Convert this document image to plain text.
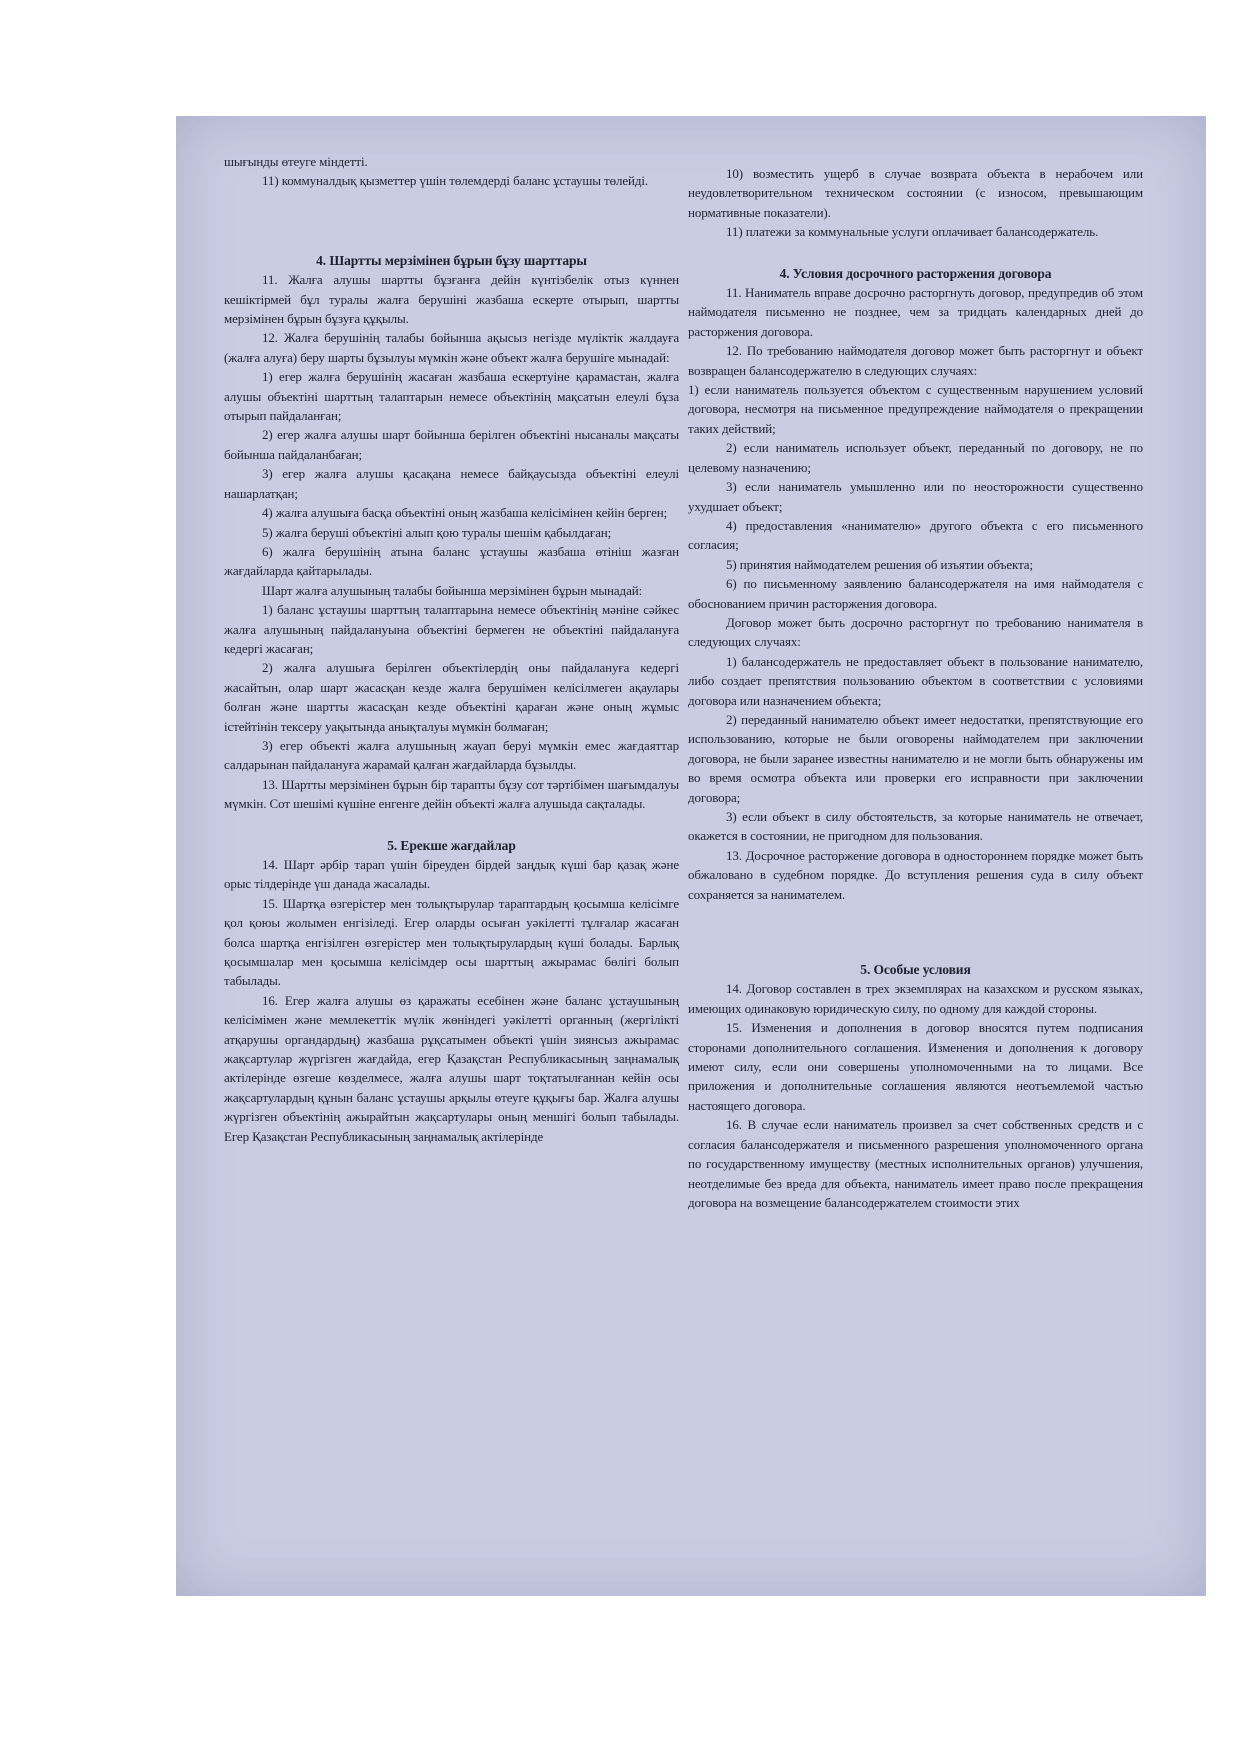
шығынды өтеуге міндетті.

11) коммуналдық қызметтер үшін төлемдерді баланс ұстаушы төлейді.

4. Шартты мерзімінен бұрын бұзу шарттары

11. Жалға алушы шартты бұзғанға дейін күнтізбелік отыз күннен кешіктірмей бұл туралы жалға берушіні жазбаша ескерте отырып, шартты мерзімінен бұрын бұзуға құқылы.

12. Жалға берушінің талабы бойынша ақысыз негізде мүліктік жалдауға (жалға алуға) беру шарты бұзылуы мүмкін және объект жалға берушіге мынадай:

1) егер жалға берушінің жасаған жазбаша ескертуіне қарамастан, жалға алушы объектіні шарттың талаптарын немесе объектінің мақсатын елеулі бұза отырып пайдаланған;

2) егер жалға алушы шарт бойынша берілген объектіні нысаналы мақсаты бойынша пайдаланбаған;

3) егер жалға алушы қасақана немесе байқаусызда объектіні елеулі нашарлатқан;

4) жалға алушыға басқа объектіні оның жазбаша келісімінен кейін берген;

5) жалға беруші объектіні алып қою туралы шешім қабылдаған;

6) жалға берушінің атына баланс ұстаушы жазбаша өтініш жазған жағдайларда қайтарылады.

Шарт жалға алушының талабы бойынша мерзімінен бұрын мынадай:

1) баланс ұстаушы шарттың талаптарына немесе объектінің мәніне сәйкес жалға алушының пайдалануына объектіні бермеген не объектіні пайдалануға кедергі жасаған;

2) жалға алушыға берілген объектілердің оны пайдалануға кедергі жасайтын, олар шарт жасасқан кезде жалға берушімен келісілмеген ақаулары болған және шартты жасасқан кезде объектіні қараған және оның жұмыс істейтінін тексеру уақытында анықталуы мүмкін болмаған;

3) егер объекті жалға алушының жауап беруі мүмкін емес жағдаяттар салдарынан пайдалануға жарамай қалған жағдайларда бұзылды.

13. Шартты мерзімінен бұрын бір тарапты бұзу сот тәртібімен шағымдалуы мүмкін. Сот шешімі күшіне енгенге дейін объекті жалға алушыда сақталады.

5. Ерекше жағдайлар

14. Шарт әрбір тарап үшін біреуден бірдей заңдық күші бар қазақ және орыс тілдерінде үш данада жасалады.

15. Шартқа өзгерістер мен толықтырулар тараптардың қосымша келісімге қол қоюы жолымен енгізіледі. Егер оларды осыған уәкілетті тұлғалар жасаған болса шартқа енгізілген өзгерістер мен толықтырулардың күші болады. Барлық қосымшалар мен қосымша келісімдер осы шарттың ажырамас бөлігі болып табылады.

16. Егер жалға алушы өз қаражаты есебінен және баланс ұстаушының келісімімен және мемлекеттік мүлік жөніндегі уәкілетті органның (жергілікті атқарушы органдардың) жазбаша рұқсатымен объекті үшін зиянсыз ажырамас жақсартулар жүргізген жағдайда, егер Қазақстан Республикасының заңнамалық актілерінде өзгеше көзделмесе, жалға алушы шарт тоқтатылғаннан кейін осы жақсартулардың құнын баланс ұстаушы арқылы өтеуге құқығы бар. Жалға алушы жүргізген объектінің ажырайтын жақсартулары оның меншігі болып табылады. Егер Қазақстан Республикасының заңнамалық актілерінде

10) возместить ущерб в случае возврата объекта в нерабочем или неудовлетворительном техническом состоянии (с износом, превышающим нормативные показатели).

11) платежи за коммунальные услуги оплачивает балансодержатель.

4. Условия досрочного расторжения договора

11. Наниматель вправе досрочно расторгнуть договор, предупредив об этом наймодателя письменно не позднее, чем за тридцать календарных дней до расторжения договора.

12. По требованию наймодателя договор может быть расторгнут и объект возвращен балансодержателю в следующих случаях:

1) если наниматель пользуется объектом с существенным нарушением условий договора, несмотря на письменное предупреждение наймодателя о прекращении таких действий;

2) если наниматель использует объект, переданный по договору, не по целевому назначению;

3) если наниматель умышленно или по неосторожности существенно ухудшает объект;

4) предоставления «нанимателю» другого объекта с его письменного согласия;

5) принятия наймодателем решения об изъятии объекта;

6) по письменному заявлению балансодержателя на имя наймодателя с обоснованием причин расторжения договора.

Договор может быть досрочно расторгнут по требованию нанимателя в следующих случаях:

1) балансодержатель не предоставляет объект в пользование нанимателю, либо создает препятствия пользованию объектом в соответствии с условиями договора или назначением объекта;

2) переданный нанимателю объект имеет недостатки, препятствующие его использованию, которые не были оговорены наймодателем при заключении договора, не были заранее известны нанимателю и не могли быть обнаружены им во время осмотра объекта или проверки его исправности при заключении договора;

3) если объект в силу обстоятельств, за которые наниматель не отвечает, окажется в состоянии, не пригодном для пользования.

13. Досрочное расторжение договора в одностороннем порядке может быть обжаловано в судебном порядке. До вступления решения суда в силу объект сохраняется за нанимателем.

5. Особые условия

14. Договор составлен в трех экземплярах на казахском и русском языках, имеющих одинаковую юридическую силу, по одному для каждой стороны.

15. Изменения и дополнения в договор вносятся путем подписания сторонами дополнительного соглашения. Изменения и дополнения к договору имеют силу, если они совершены уполномоченными на то лицами. Все приложения и дополнительные соглашения являются неотъемлемой частью настоящего договора.

16. В случае если наниматель произвел за счет собственных средств и с согласия балансодержателя и письменного разрешения уполномоченного органа по государственному имуществу (местных исполнительных органов) улучшения, неотделимые без вреда для объекта, наниматель имеет право после прекращения договора на возмещение балансодержателем стоимости этих
